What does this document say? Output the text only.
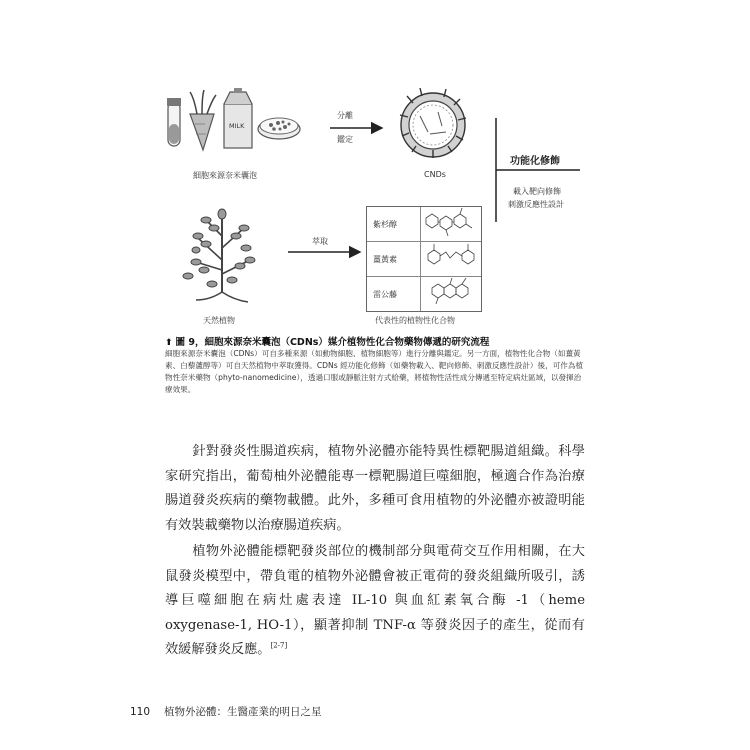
MILK
細胞來源奈米囊泡
分離
鑑定
CNDs
功能化修飾
載入靶向修飾
刺激反應性設計
萃取
天然植物	代表性的植物性化合物
紫杉醇
薑黃素
雷公藤
⬆ 圖 9，細胞來源奈米囊泡（CDNs）媒介植物性化合物藥物傳遞的研究流程
細胞來源奈米囊泡（CDNs）可自多種來源（如動物細胞、植物細胞等）進行分離與鑑定。另一方面，植物性化合物（如薑黃素、白藜蘆醇等）可自天然植物中萃取獲得。CDNs 經功能化修飾（如藥物載入、靶向修飾、刺激反應性設計）後，可作為植物性奈米藥物（phyto-nanomedicine），透過口服或靜脈注射方式給藥，將植物性活性成分傳遞至特定病灶區域，以發揮治療效果。
針對發炎性腸道疾病，植物外泌體亦能特異性標靶腸道組織。科學家研究指出，葡萄柚外泌體能專一標靶腸道巨噬細胞，極適合作為治療腸道發炎疾病的藥物載體。此外，多種可食用植物的外泌體亦被證明能有效裝載藥物以治療腸道疾病。
植物外泌體能標靶發炎部位的機制部分與電荷交互作用相關，在大鼠發炎模型中，帶負電的植物外泌體會被正電荷的發炎組織所吸引，誘導巨噬細胞在病灶處表達 IL-10 與血紅素氧合酶 -1（heme oxygenase-1, HO-1），顯著抑制 TNF-α 等發炎因子的產生，從而有效緩解發炎反應。[2-7]
110 植物外泌體：生醫產業的明日之星
